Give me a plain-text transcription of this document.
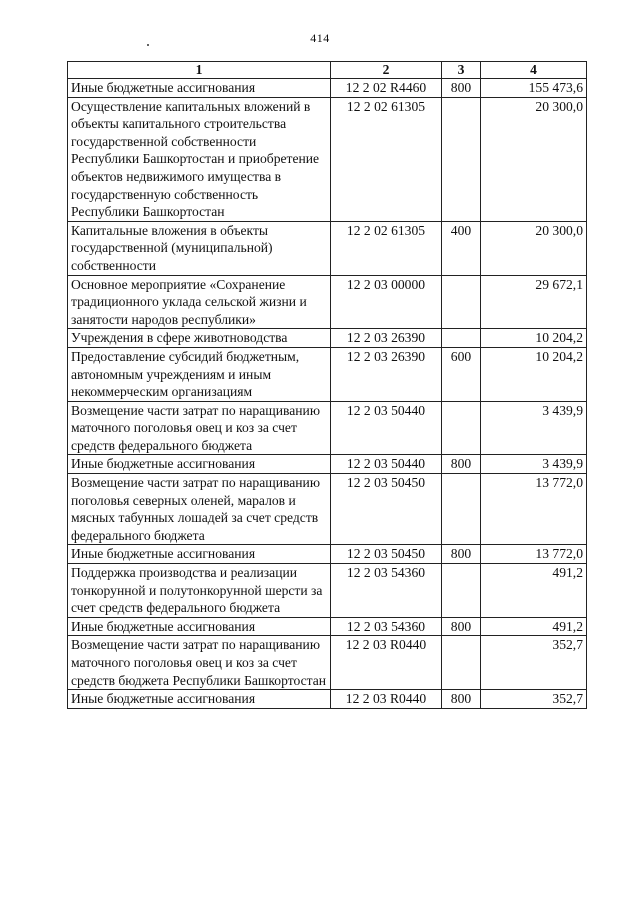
414
1	2	3	4
Иные бюджетные ассигнования	12 2 02 R4460	800	155 473,6
Осуществление капитальных вложений в объекты капитального строительства государственной собственности Республики Башкортостан и приобретение объектов недвижимого имущества в государственную собственность Республики Башкортостан	12 2 02 61305		20 300,0
Капитальные вложения в объекты государственной (муниципальной) собственности	12 2 02 61305	400	20 300,0
Основное мероприятие «Сохранение традиционного уклада сельской жизни и занятости народов республики»	12 2 03 00000		29 672,1
Учреждения в сфере животноводства	12 2 03 26390		10 204,2
Предоставление субсидий бюджетным, автономным учреждениям и иным некоммерческим организациям	12 2 03 26390	600	10 204,2
Возмещение части затрат по наращиванию маточного поголовья овец и коз за счет средств федерального бюджета	12 2 03 50440		3 439,9
Иные бюджетные ассигнования	12 2 03 50440	800	3 439,9
Возмещение части затрат по наращиванию поголовья северных оленей, маралов и мясных табунных лошадей за счет средств федерального бюджета	12 2 03 50450		13 772,0
Иные бюджетные ассигнования	12 2 03 50450	800	13 772,0
Поддержка производства и реализации тонкорунной и полутонкорунной шерсти за счет средств федерального бюджета	12 2 03 54360		491,2
Иные бюджетные ассигнования	12 2 03 54360	800	491,2
Возмещение части затрат по наращиванию маточного поголовья овец и коз за счет средств бюджета Республики Башкортостан	12 2 03 R0440		352,7
Иные бюджетные ассигнования	12 2 03 R0440	800	352,7
